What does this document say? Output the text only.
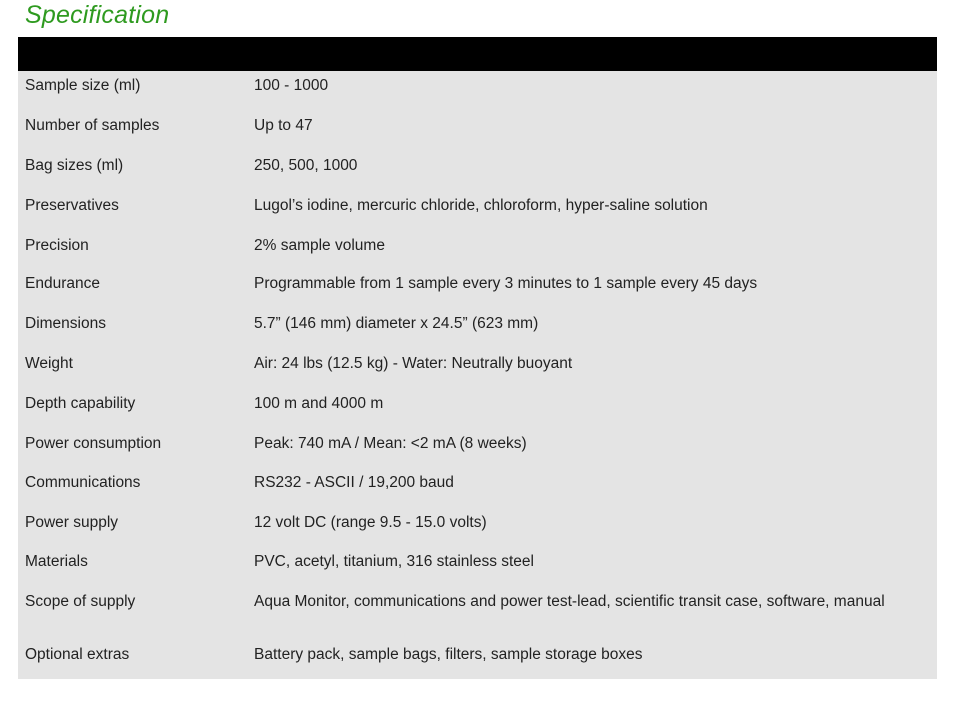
Specification
Sample size (ml)	100 - 1000
Number of samples	Up to 47
Bag sizes (ml)	250, 500, 1000
Preservatives	Lugol’s iodine, mercuric chloride, chloroform, hyper-saline solution
Precision	2% sample volume
Endurance	Programmable from 1 sample every 3 minutes to 1 sample every 45 days
Dimensions	5.7” (146 mm) diameter x 24.5” (623 mm)
Weight	Air: 24 lbs (12.5 kg) - Water: Neutrally buoyant
Depth capability	100 m and 4000 m
Power consumption	Peak: 740 mA / Mean: <2 mA (8 weeks)
Communications	RS232 - ASCII / 19,200 baud
Power supply	12 volt DC (range 9.5 - 15.0 volts)
Materials	PVC, acetyl, titanium, 316 stainless steel
Scope of supply	Aqua Monitor, communications and power test-lead, scientific transit case, software, manual
Optional extras	Battery pack, sample bags, filters, sample storage boxes
